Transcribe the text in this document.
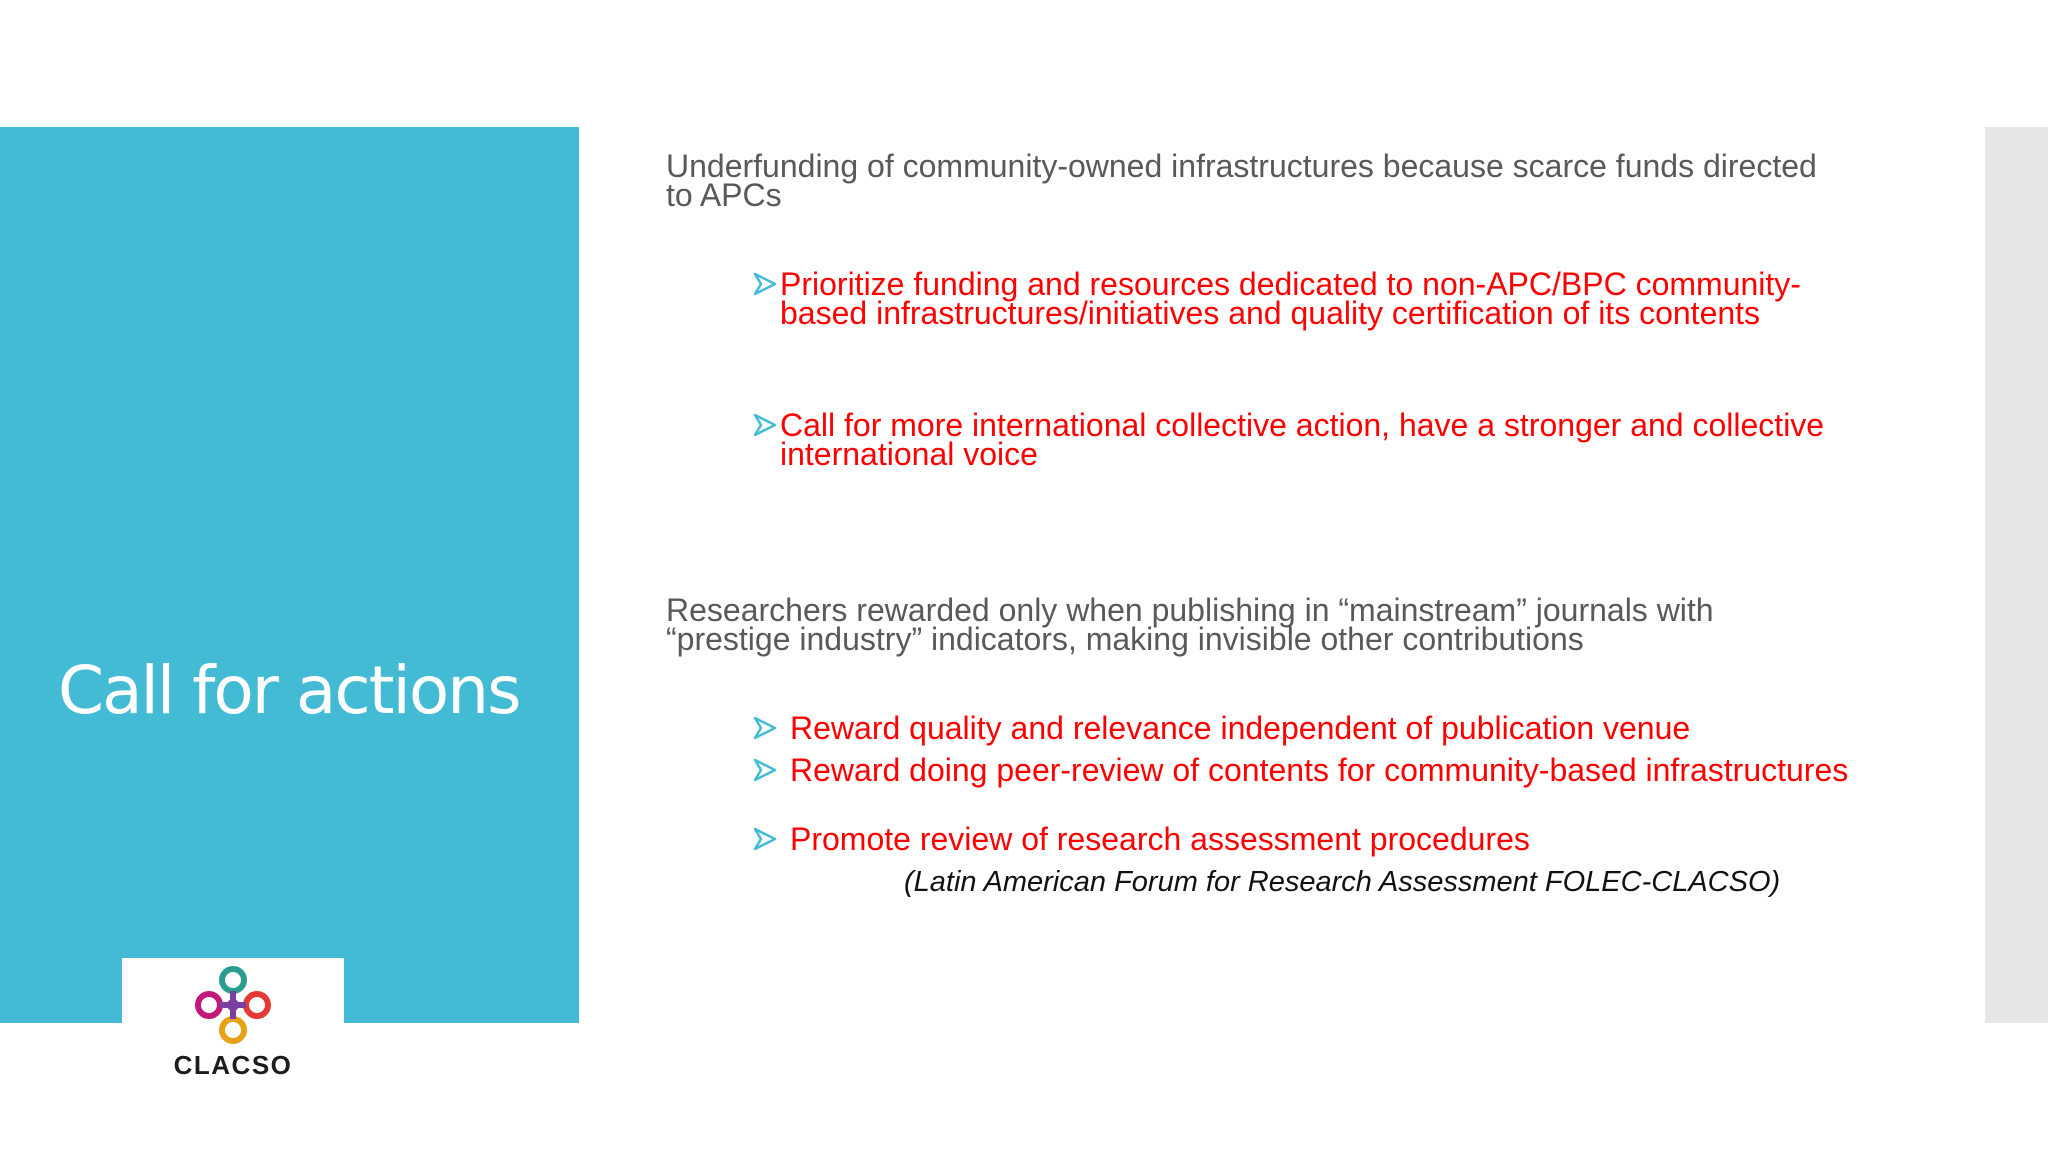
Call for actions
CLACSO
Underfunding of community-owned infrastructures because scarce funds directed to APCs
Prioritize funding and resources dedicated to non-APC/BPC community-based infrastructures/initiatives and quality certification of its contents
Call for more international collective action, have a stronger and collective international voice
Researchers rewarded only when publishing in “mainstream” journals with “prestige industry” indicators, making invisible other contributions
Reward quality and relevance independent of publication venue
Reward doing peer-review of contents for community-based infrastructures
Promote review of research assessment procedures
(Latin American Forum for Research Assessment FOLEC-CLACSO)
